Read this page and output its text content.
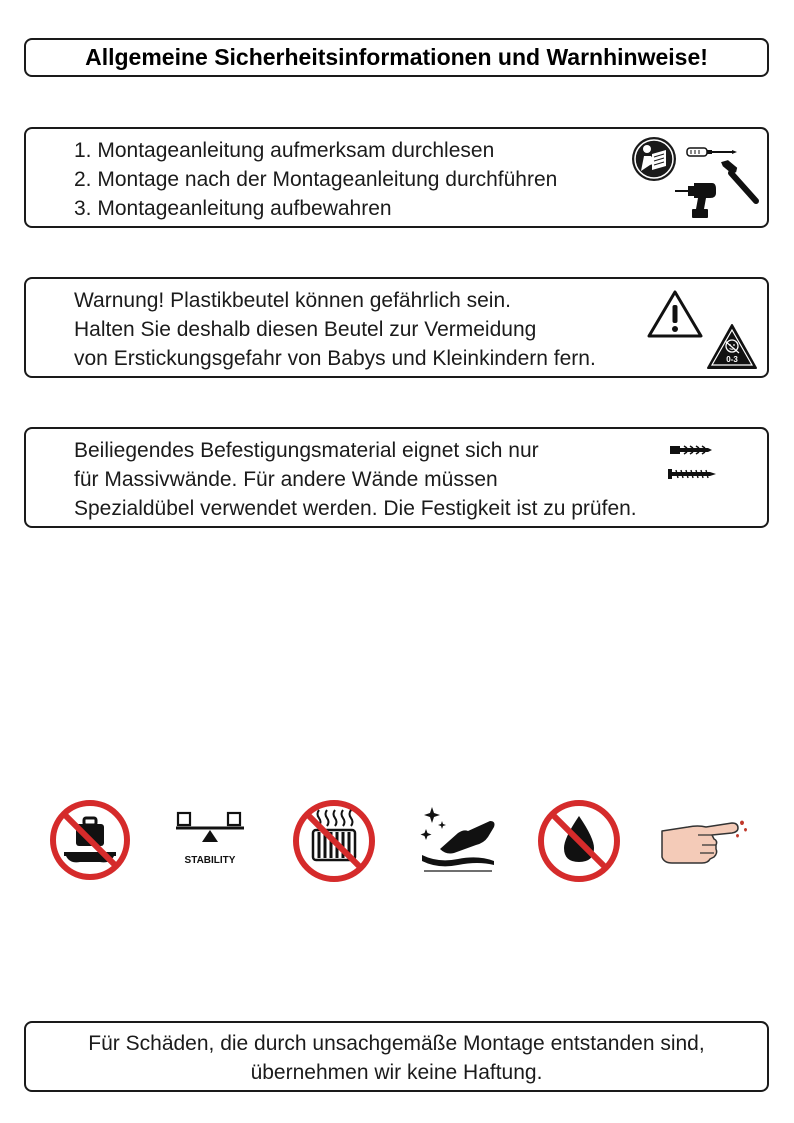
Allgemeine Sicherheitsinformationen und Warnhinweise!
1. Montageanleitung aufmerksam durchlesen
2. Montage nach der Montageanleitung durchführen
3. Montageanleitung aufbewahren
Warnung! Plastikbeutel können gefährlich sein.
Halten Sie deshalb diesen Beutel zur Vermeidung
von Erstickungsgefahr von Babys und Kleinkindern fern.	0-3
Beiliegendes Befestigungsmaterial eignet sich nur
für Massivwände. Für andere Wände müssen
Spezialdübel verwendet werden. Die Festigkeit ist zu prüfen.
STABILITY
Für Schäden, die durch unsachgemäße Montage entstanden sind,
übernehmen wir keine Haftung.
